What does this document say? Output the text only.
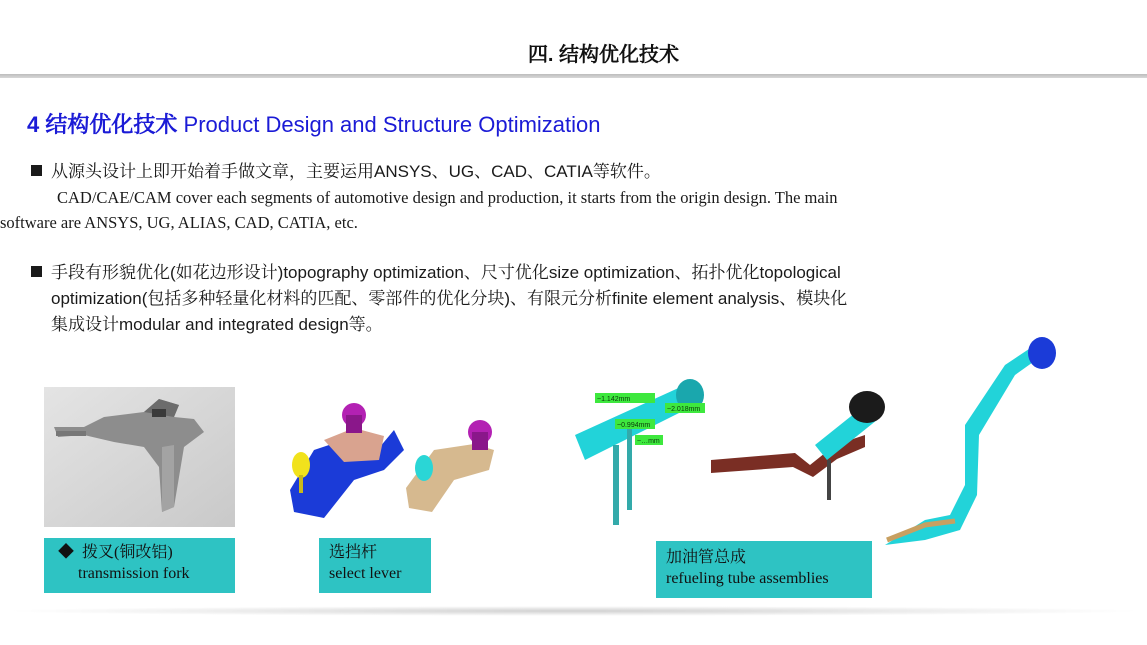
四. 结构优化技术
4 结构优化技术 Product Design and Structure Optimization
从源头设计上即开始着手做文章，主要运用ANSYS、UG、CAD、CATIA等软件。
CAD/CAE/CAM cover each segments of automotive design and production, it starts from the origin design. The main
software are ANSYS, UG, ALIAS, CAD, CATIA, etc.
手段有形貌优化(如花边形设计)topography optimization、尺寸优化size optimization、拓扑优化topological
optimization(包括多种轻量化材料的匹配、零部件的优化分块)、有限元分析finite element analysis、模块化
集成设计modular and integrated design等。
~1.142mm
~2.018mm
~0.994mm
~…mm
◆ 拨叉(铜改铝)
transmission fork
选挡杆
select lever
加油管总成
refueling tube assemblies
